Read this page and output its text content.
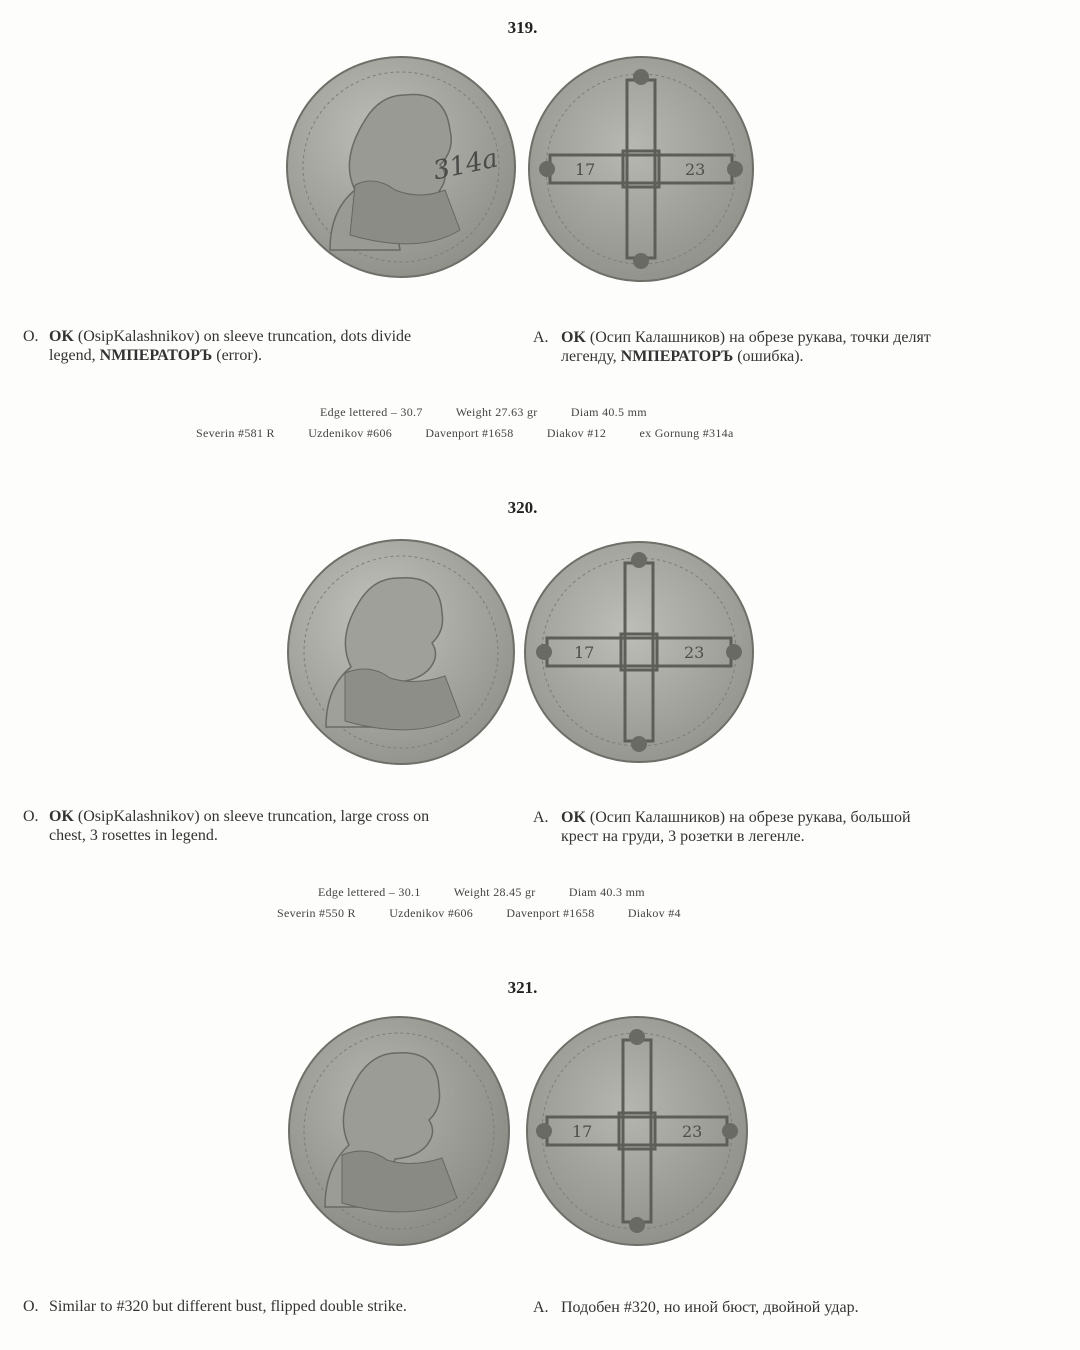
319.
314a	17	23
O. OK (OsipKalashnikov) on sleeve truncation, dots divide
legend, NМПЕРАТОРЪ (error).
A. OK (Осип Калашников) на обрезе рукава, точки делят
легенду, NМПЕРАТОРЪ (ошибка).
Edge lettered – 30.7	Weight 27.63 gr	Diam 40.5 mm
Severin #581 R	Uzdenikov #606	Davenport #1658	Diakov #12	ex Gornung #314a
320.
17	23
O. OK (OsipKalashnikov) on sleeve truncation, large cross on
chest, 3 rosettes in legend.
A. OK (Осип Калашников) на обрезе рукава, большой
крест на груди, 3 розетки в легенле.
Edge lettered – 30.1	Weight 28.45 gr	Diam 40.3 mm
Severin #550 R	Uzdenikov #606	Davenport #1658	Diakov #4
321.
17	23
O. Similar to #320 but different bust, flipped double strike.	A. Подобен #320, но иной бюст, двойной удар.
